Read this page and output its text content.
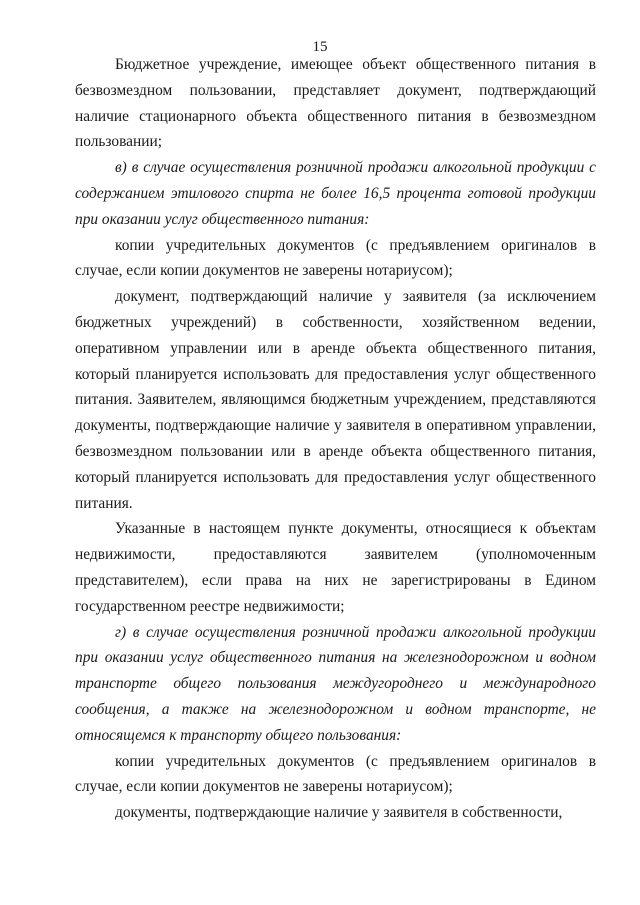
15

Бюджетное учреждение, имеющее объект общественного питания в безвозмездном пользовании, представляет документ, подтверждающий наличие стационарного объекта общественного питания в безвозмездном пользовании;

в) в случае осуществления розничной продажи алкогольной продукции с содержанием этилового спирта не более 16,5 процента готовой продукции при оказании услуг общественного питания:

копии учредительных документов (с предъявлением оригиналов в случае, если копии документов не заверены нотариусом);

документ, подтверждающий наличие у заявителя (за исключением бюджетных учреждений) в собственности, хозяйственном ведении, оперативном управлении или в аренде объекта общественного питания, который планируется использовать для предоставления услуг общественного питания. Заявителем, являющимся бюджетным учреждением, представляются документы, подтверждающие наличие у заявителя в оперативном управлении, безвозмездном пользовании или в аренде объекта общественного питания, который планируется использовать для предоставления услуг общественного питания.

Указанные в настоящем пункте документы, относящиеся к объектам недвижимости, предоставляются заявителем (уполномоченным представителем), если права на них не зарегистрированы в Едином государственном реестре недвижимости;

г) в случае осуществления розничной продажи алкогольной продукции при оказании услуг общественного питания на железнодорожном и водном транспорте общего пользования междугороднего и международного сообщения, а также на железнодорожном и водном транспорте, не относящемся к транспорту общего пользования:

копии учредительных документов (с предъявлением оригиналов в случае, если копии документов не заверены нотариусом);

документы, подтверждающие наличие у заявителя в собственности,
